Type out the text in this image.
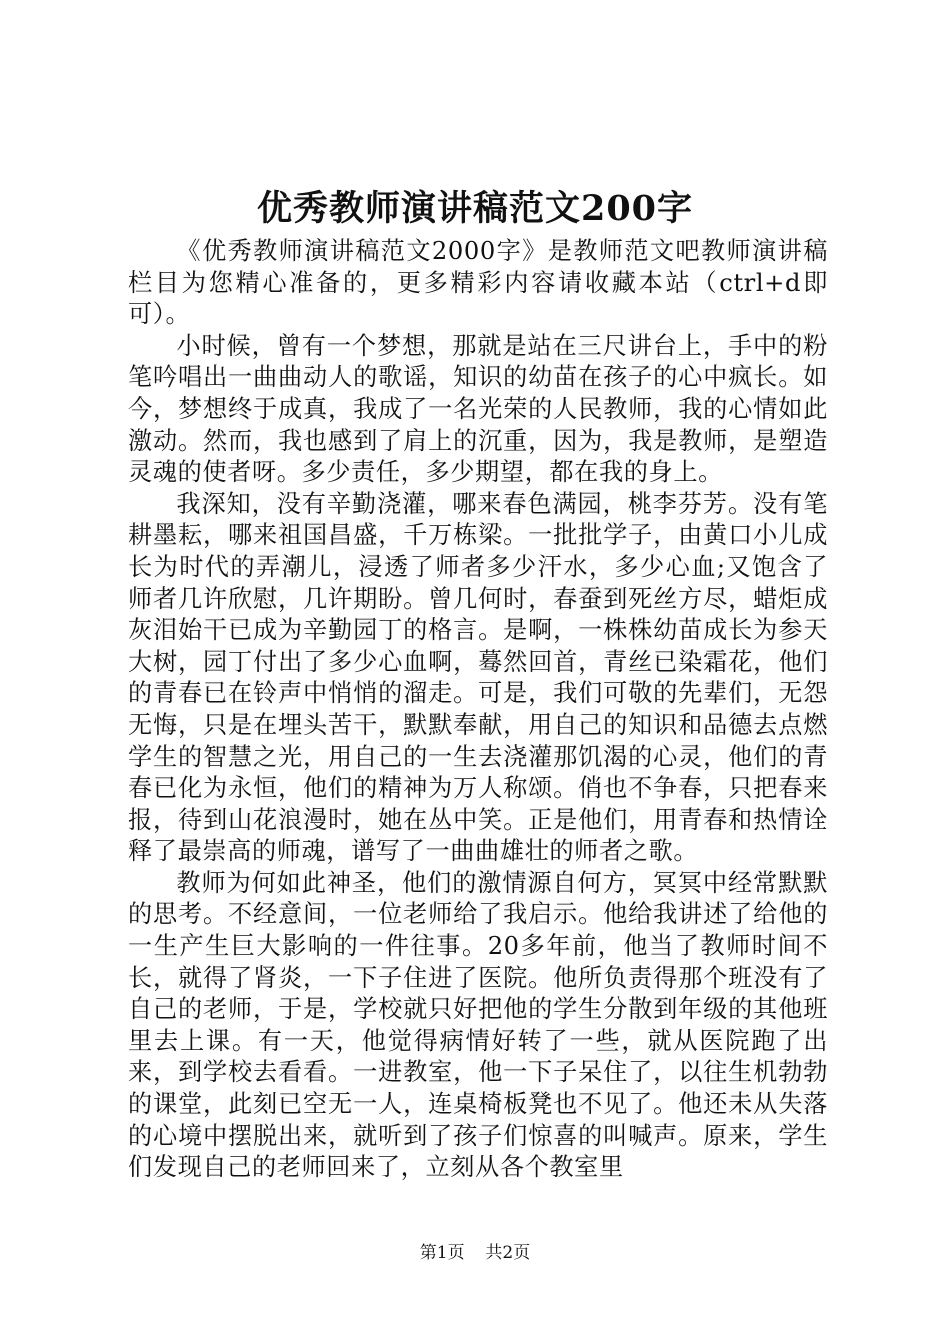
优秀教师演讲稿范文200字

《优秀教师演讲稿范文2000字》是教师范文吧教师演讲稿栏目为您精心准备的，更多精彩内容请收藏本站（ctrl+d即可）。

小时候，曾有一个梦想，那就是站在三尺讲台上，手中的粉笔吟唱出一曲曲动人的歌谣，知识的幼苗在孩子的心中疯长。如今，梦想终于成真，我成了一名光荣的人民教师，我的心情如此激动。然而，我也感到了肩上的沉重，因为，我是教师，是塑造灵魂的使者呀。多少责任，多少期望，都在我的身上。

我深知，没有辛勤浇灌，哪来春色满园，桃李芬芳。没有笔耕墨耘，哪来祖国昌盛，千万栋梁。一批批学子，由黄口小儿成长为时代的弄潮儿，浸透了师者多少汗水，多少心血;又饱含了师者几许欣慰，几许期盼。曾几何时，春蚕到死丝方尽，蜡炬成灰泪始干已成为辛勤园丁的格言。是啊，一株株幼苗成长为参天大树，园丁付出了多少心血啊，蓦然回首，青丝已染霜花，他们的青春已在铃声中悄悄的溜走。可是，我们可敬的先辈们，无怨无悔，只是在埋头苦干，默默奉献，用自己的知识和品德去点燃学生的智慧之光，用自己的一生去浇灌那饥渴的心灵，他们的青春已化为永恒，他们的精神为万人称颂。俏也不争春，只把春来报，待到山花浪漫时，她在丛中笑。正是他们，用青春和热情诠释了最崇高的师魂，谱写了一曲曲雄壮的师者之歌。

教师为何如此神圣，他们的激情源自何方，冥冥中经常默默的思考。不经意间，一位老师给了我启示。他给我讲述了给他的一生产生巨大影响的一件往事。20多年前，他当了教师时间不长，就得了肾炎，一下子住进了医院。他所负责得那个班没有了自己的老师，于是，学校就只好把他的学生分散到年级的其他班里去上课。有一天，他觉得病情好转了一些，就从医院跑了出来，到学校去看看。一进教室，他一下子呆住了，以往生机勃勃的课堂，此刻已空无一人，连桌椅板凳也不见了。他还未从失落的心境中摆脱出来，就听到了孩子们惊喜的叫喊声。原来，学生们发现自己的老师回来了，立刻从各个教室里

第1页 共2页
